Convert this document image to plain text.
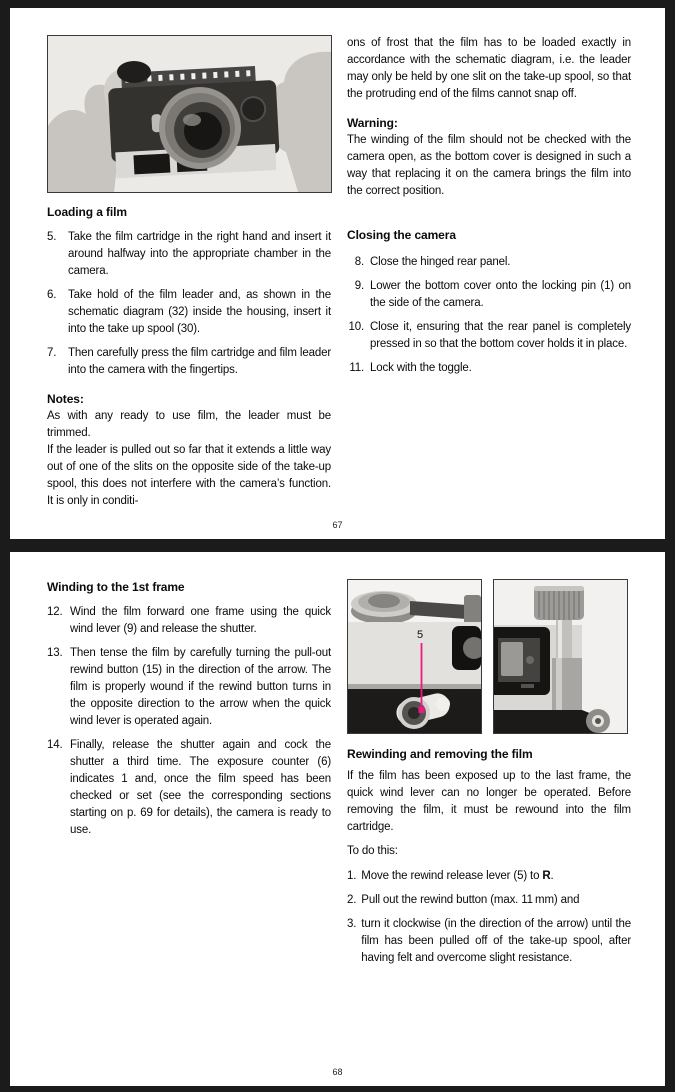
Loading a film
5.	Take the film cartridge in the right hand and insert it around halfway into the appropriate chamber in the camera.
6.	Take hold of the film leader and, as shown in the schematic diagram (32) inside the housing, insert it into the take up spool (30).
7.	Then carefully press the film cartridge and film leader into the camera with the fingertips.
Notes:

As with any ready to use film, the leader must be trimmed.

If the leader is pulled out so far that it extends a little way out of one of the slits on the opposite side of the take-up spool, this does not interfere with the camera’s function. It is only in conditi-

ons of frost that the film has to be loaded exactly in accordance with the schematic diagram, i.e. the leader may only be held by one slit on the take-up spool, so that the protruding end of the films cannot snap off.

Warning:

The winding of the film should not be checked with the camera open, as the bottom cover is designed in such a way that replacing it on the camera brings the film into the correct position.

Closing the camera
8. Close the hinged rear panel.
9. Lower the bottom cover onto the locking pin (1) on the side of the camera.
10. Close it, ensuring that the rear panel is completely pressed in so that the bottom cover holds it in place.
11. Lock with the toggle.
67
Winding to the 1st frame
12. Wind the film forward one frame using the quick wind lever (9) and release the shutter.
13. Then tense the film by carefully turning the pull-out rewind button (15) in the direction of the arrow. The film is properly wound if the rewind button turns in the opposite direction to the arrow when the quick wind lever is operated again.
14. Finally, release the shutter again and cock the shutter a third time. The exposure counter (6) indicates 1 and, once the film speed has been checked or set (see the corresponding sections starting on p. 69 for details), the camera is ready to use.
R
5
Rewinding and removing the film

If the film has been exposed up to the last frame, the quick wind lever can no longer be operated. Before removing the film, it must be rewound into the film cartridge.

To do this:

1. Move the rewind release lever (5) to R.
2. Pull out the rewind button (max. 11 mm) and
3. turn it clockwise (in the direction of the arrow) until the film has been pulled off of the take-up spool, after having felt and overcome slight resistance.
68
